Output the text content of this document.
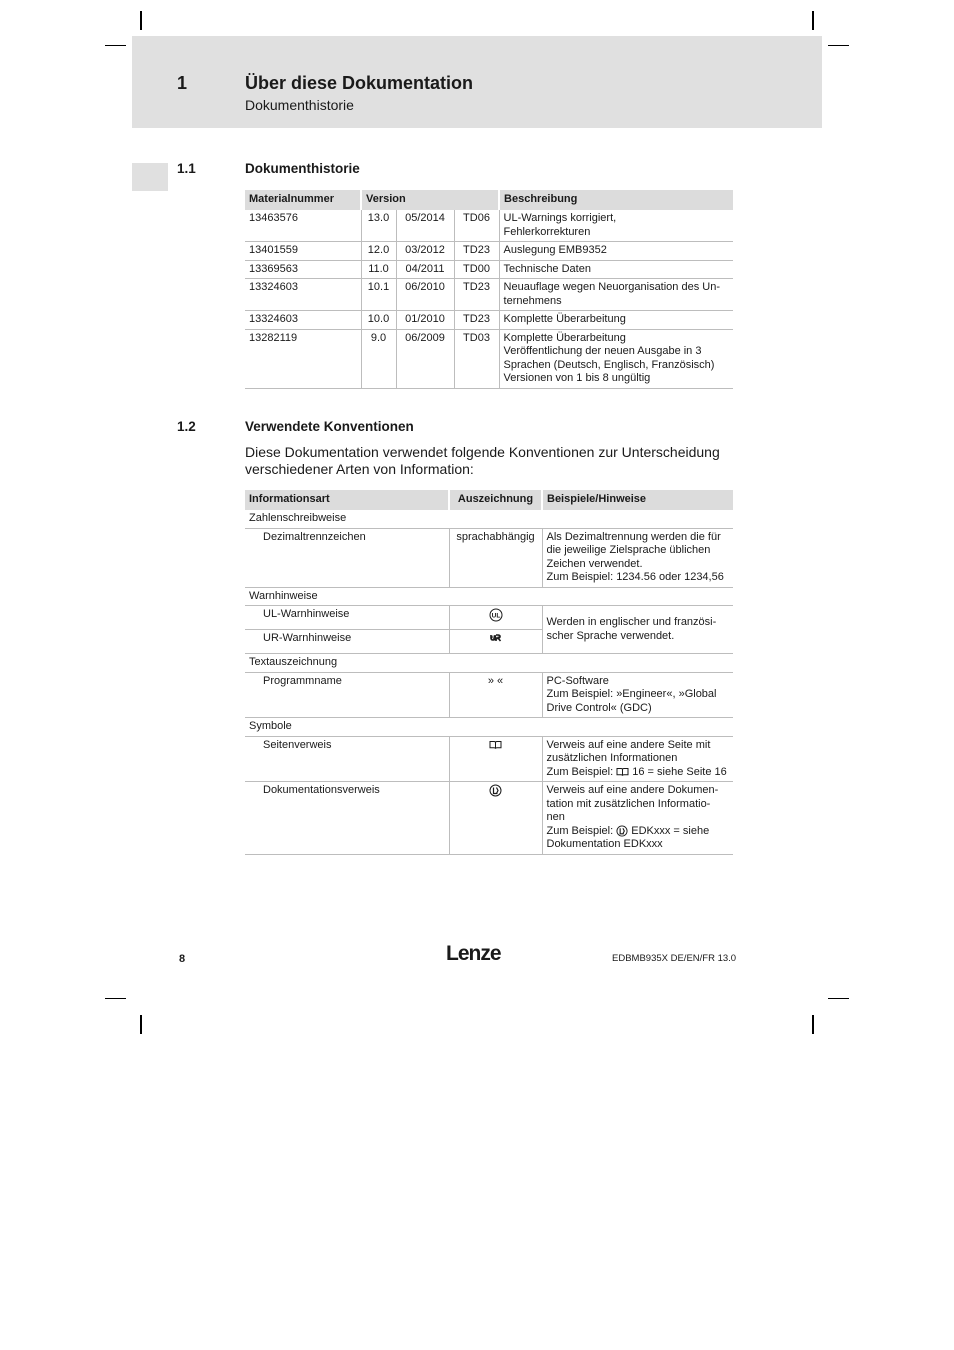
1	Über diese Dokumentation
Dokumenthistorie
1.1	Dokumenthistorie
Materialnummer	Version			Beschreibung
13463576	13.0	05/2014	TD06	UL-Warnings korrigiert,
Fehlerkorrekturen

13401559	12.0	03/2012	TD23	Auslegung EMB9352

13369563	11.0	04/2011	TD00	Technische Daten

13324603	10.1	06/2010	TD23	Neuauflage wegen Neuorganisation des Un-
ternehmens

13324603	10.0	01/2010	TD23	Komplette Überarbeitung

13282119	9.0	06/2009	TD03	Komplette Überarbeitung
Veröffentlichung der neuen Ausgabe in 3
Sprachen (Deutsch, Englisch, Französisch)
Versionen von 1 bis 8 ungültig
1.2	Verwendete Konventionen
Diese Dokumentation verwendet folgende Konventionen zur Unterscheidung verschiedener Arten von Information:
Informationsart	Auszeichnung	Beispiele/Hinweise
Zahlenschreibweise		
Dezimaltrennzeichen	sprachabhängig	Als Dezimaltrennung werden die für
die jeweilige Zielsprache üblichen
Zeichen verwendet.
Zum Beispiel: 1234.56 oder 1234,56

Warnhinweise		
UL-Warnhinweise	UL	Werden in englischer und französi-
scher Sprache verwendet.

UR-Warnhinweise	ᴿᵁ	

Textauszeichnung		
Programmname	» «	PC-Software
Zum Beispiel: »Engineer«, »Global
Drive Control« (GDC)

Symbole		
Seitenverweis		Verweis auf eine andere Seite mit
zusätzlichen Informationen
Zum Beispiel:  16 = siehe Seite 16

Dokumentationsverweis		Verweis auf eine andere Dokumen-
tation mit zusätzlichen Informatio-
nen
Zum Beispiel:  EDKxxx = siehe
Dokumentation EDKxxx
8	Lenze	EDBMB935X DE/EN/FR 13.0
